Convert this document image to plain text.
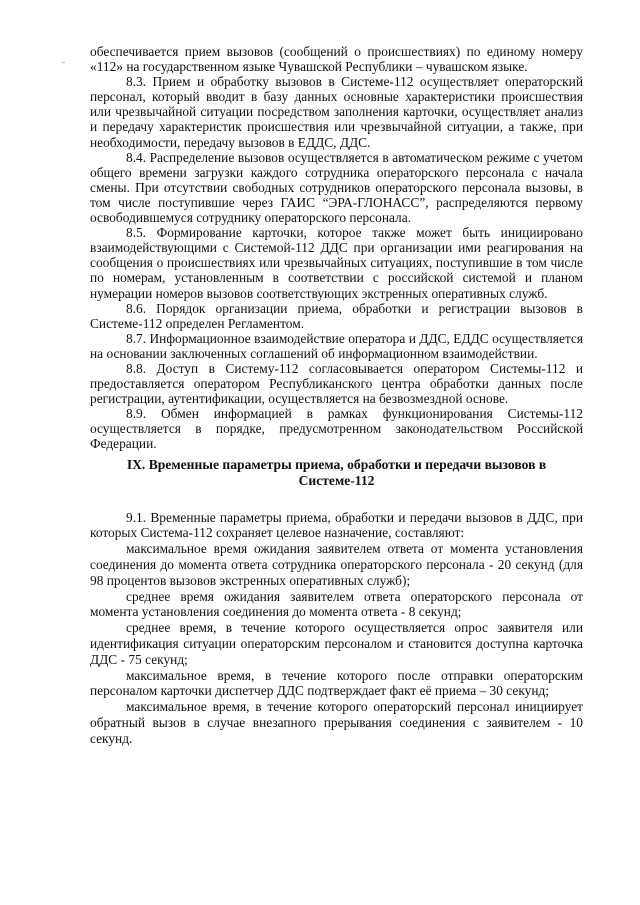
обеспечивается прием вызовов (сообщений о происшествиях) по единому номеру «112» на государственном языке Чувашской Республики – чувашском языке.

8.3. Прием и обработку вызовов в Системе-112 осуществляет операторский персонал, который вводит в базу данных основные характеристики происшествия или чрезвычайной ситуации посредством заполнения карточки, осуществляет анализ и передачу характеристик происшествия или чрезвычайной ситуации, а также, при необходимости, передачу вызовов в ЕДДС, ДДС.

8.4. Распределение вызовов осуществляется в автоматическом режиме с учетом общего времени загрузки каждого сотрудника операторского персонала с начала смены. При отсутствии свободных сотрудников операторского персонала вызовы, в том числе поступившие через ГАИС “ЭРА-ГЛОНАСС”, распределяются первому освободившемуся сотруднику операторского персонала.

8.5. Формирование карточки, которое также может быть инициировано взаимодействующими с Системой-112 ДДС при организации ими реагирования на сообщения о происшествиях или чрезвычайных ситуациях, поступившие в том числе по номерам, установленным в соответствии с российской системой и планом нумерации номеров вызовов соответствующих экстренных оперативных служб.

8.6. Порядок организации приема, обработки и регистрации вызовов в Системе-112 определен Регламентом.

8.7. Информационное взаимодействие оператора и ДДС, ЕДДС осуществляется на основании заключенных соглашений об информационном взаимодействии.

8.8. Доступ в Систему-112 согласовывается оператором Системы-112 и предоставляется оператором Республиканского центра обработки данных после регистрации, аутентификации, осуществляется на безвозмездной основе.

8.9. Обмен информацией в рамках функционирования Системы-112 осуществляется в порядке, предусмотренном законодательством Российской Федерации.

IX. Временные параметры приема, обработки и передачи вызовов в
Системе-112

9.1. Временные параметры приема, обработки и передачи вызовов в ДДС, при которых Система-112 сохраняет целевое назначение, составляют:

максимальное время ожидания заявителем ответа от момента установления соединения до момента ответа сотрудника операторского персонала - 20 секунд (для 98 процентов вызовов экстренных оперативных служб);

среднее время ожидания заявителем ответа операторского персонала от момента установления соединения до момента ответа - 8 секунд;

среднее время, в течение которого осуществляется опрос заявителя или идентификация ситуации операторским персоналом и становится доступна карточка ДДС - 75 секунд;

максимальное время, в течение которого после отправки операторским персоналом карточки диспетчер ДДС подтверждает факт её приема – 30 секунд;

максимальное время, в течение которого операторский персонал инициирует обратный вызов в случае внезапного прерывания соединения с заявителем - 10 секунд.
